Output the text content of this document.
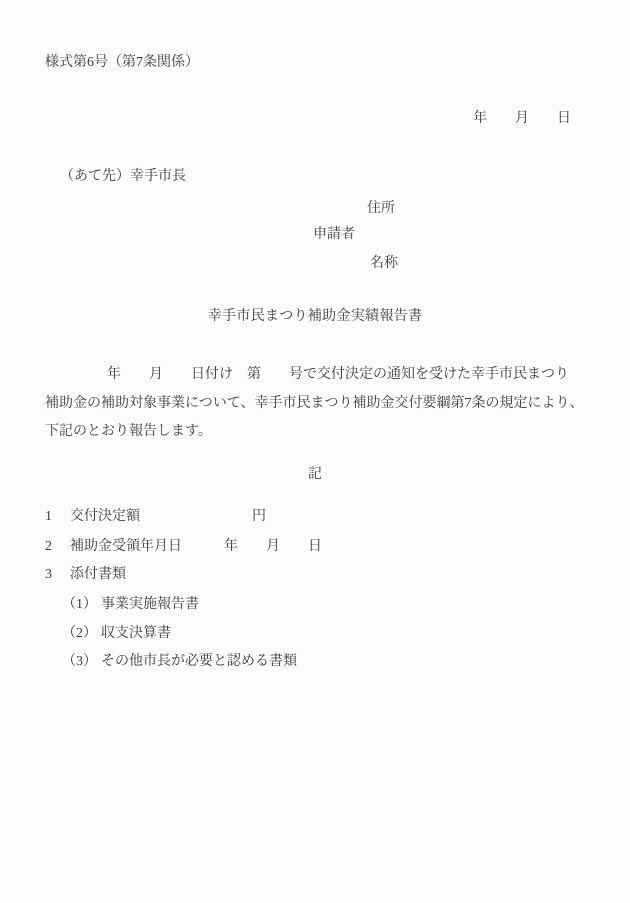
様式第6号（第7条関係）
年　　月　　日
（あて先）幸手市長
住所
申請者
名称
幸手市民まつり補助金実績報告書
年　　月　　日付け　第　　号で交付決定の通知を受けた幸手市民まつり
補助金の補助対象事業について、幸手市民まつり補助金交付要綱第7条の規定により、
下記のとおり報告します。
記
1 交付決定額　　　　　　　　円
2 補助金受領年月日　　　年　　月　　日
3 添付書類
（1） 事業実施報告書
（2） 収支決算書
（3） その他市長が必要と認める書類
